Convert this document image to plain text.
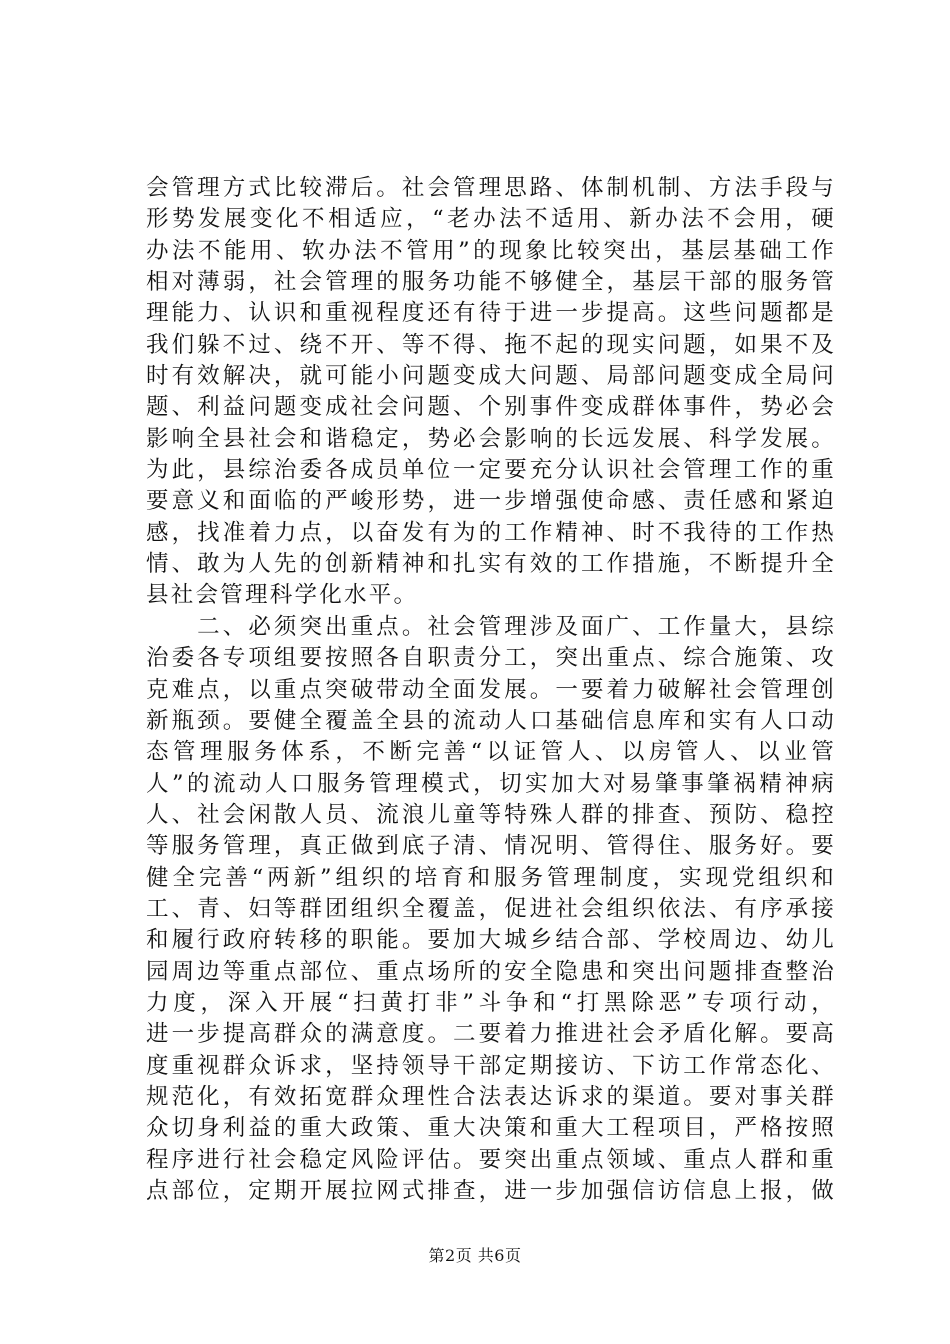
会管理方式比较滞后。社会管理思路、体制机制、方法手段与
形势发展变化不相适应，“老办法不适用、新办法不会用，硬
办法不能用、软办法不管用”的现象比较突出，基层基础工作
相对薄弱，社会管理的服务功能不够健全，基层干部的服务管
理能力、认识和重视程度还有待于进一步提高。这些问题都是
我们躲不过、绕不开、等不得、拖不起的现实问题，如果不及
时有效解决，就可能小问题变成大问题、局部问题变成全局问
题、利益问题变成社会问题、个别事件变成群体事件，势必会
影响全县社会和谐稳定，势必会影响的长远发展、科学发展。
为此，县综治委各成员单位一定要充分认识社会管理工作的重
要意义和面临的严峻形势，进一步增强使命感、责任感和紧迫
感，找准着力点，以奋发有为的工作精神、时不我待的工作热
情、敢为人先的创新精神和扎实有效的工作措施，不断提升全
县社会管理科学化水平。
　　二、必须突出重点。社会管理涉及面广、工作量大，县综
治委各专项组要按照各自职责分工，突出重点、综合施策、攻
克难点，以重点突破带动全面发展。一要着力破解社会管理创
新瓶颈。要健全覆盖全县的流动人口基础信息库和实有人口动
态管理服务体系，不断完善“以证管人、以房管人、以业管
人”的流动人口服务管理模式，切实加大对易肇事肇祸精神病
人、社会闲散人员、流浪儿童等特殊人群的排查、预防、稳控
等服务管理，真正做到底子清、情况明、管得住、服务好。要
健全完善“两新”组织的培育和服务管理制度，实现党组织和
工、青、妇等群团组织全覆盖，促进社会组织依法、有序承接
和履行政府转移的职能。要加大城乡结合部、学校周边、幼儿
园周边等重点部位、重点场所的安全隐患和突出问题排查整治
力度，深入开展“扫黄打非”斗争和“打黑除恶”专项行动，
进一步提高群众的满意度。二要着力推进社会矛盾化解。要高
度重视群众诉求，坚持领导干部定期接访、下访工作常态化、
规范化，有效拓宽群众理性合法表达诉求的渠道。要对事关群
众切身利益的重大政策、重大决策和重大工程项目，严格按照
程序进行社会稳定风险评估。要突出重点领域、重点人群和重
点部位，定期开展拉网式排查，进一步加强信访信息上报，做
第2页 共6页
